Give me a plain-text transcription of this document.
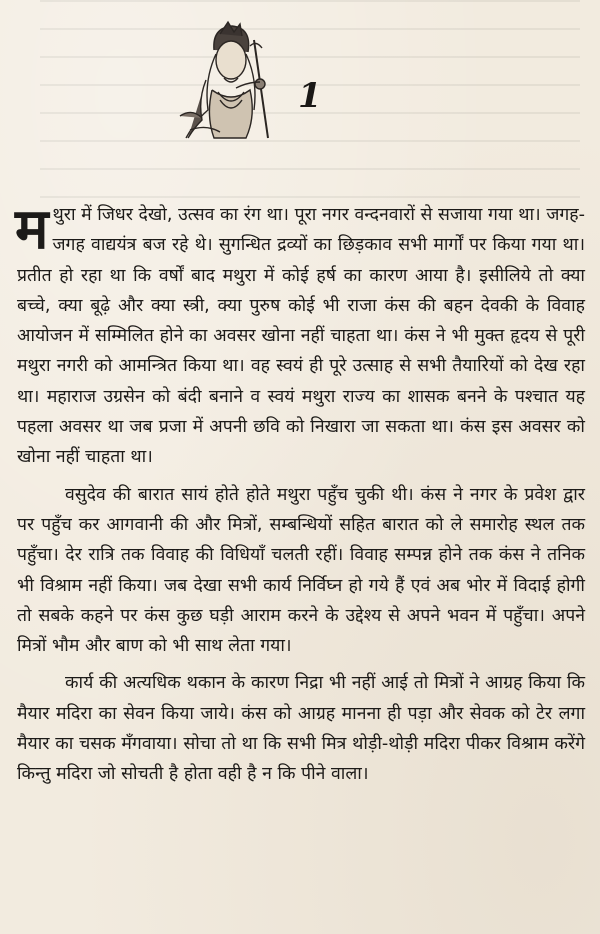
1

मथुरा में जिधर देखो, उत्सव का रंग था। पूरा नगर वन्दनवारों से सजाया गया था। जगह-जगह वाद्ययंत्र बज रहे थे। सुगन्धित द्रव्यों का छिड़काव सभी मार्गों पर किया गया था। प्रतीत हो रहा था कि वर्षों बाद मथुरा में कोई हर्ष का कारण आया है। इसीलिये तो क्या बच्चे, क्या बूढ़े और क्या स्त्री, क्या पुरुष कोई भी राजा कंस की बहन देवकी के विवाह आयोजन में सम्मिलित होने का अवसर खोना नहीं चाहता था। कंस ने भी मुक्त हृदय से पूरी मथुरा नगरी को आमन्त्रित किया था। वह स्वयं ही पूरे उत्साह से सभी तैयारियों को देख रहा था। महाराज उग्रसेन को बंदी बनाने व स्वयं मथुरा राज्य का शासक बनने के पश्चात यह पहला अवसर था जब प्रजा में अपनी छवि को निखारा जा सकता था। कंस इस अवसर को खोना नहीं चाहता था।

वसुदेव की बारात सायं होते होते मथुरा पहुँच चुकी थी। कंस ने नगर के प्रवेश द्वार पर पहुँच कर आगवानी की और मित्रों, सम्बन्धियों सहित बारात को ले समारोह स्थल तक पहुँचा। देर रात्रि तक विवाह की विधियाँ चलती रहीं। विवाह सम्पन्न होने तक कंस ने तनिक भी विश्राम नहीं किया। जब देखा सभी कार्य निर्विघ्न हो गये हैं एवं अब भोर में विदाई होगी तो सबके कहने पर कंस कुछ घड़ी आराम करने के उद्देश्य से अपने भवन में पहुँचा। अपने मित्रों भौम और बाण को भी साथ लेता गया।

कार्य की अत्यधिक थकान के कारण निद्रा भी नहीं आई तो मित्रों ने आग्रह किया कि मैयार मदिरा का सेवन किया जाये। कंस को आग्रह मानना ही पड़ा और सेवक को टेर लगा मैयार का चसक मँगवाया। सोचा तो था कि सभी मित्र थोड़ी-थोड़ी मदिरा पीकर विश्राम करेंगे किन्तु मदिरा जो सोचती है होता वही है न कि पीने वाला।
